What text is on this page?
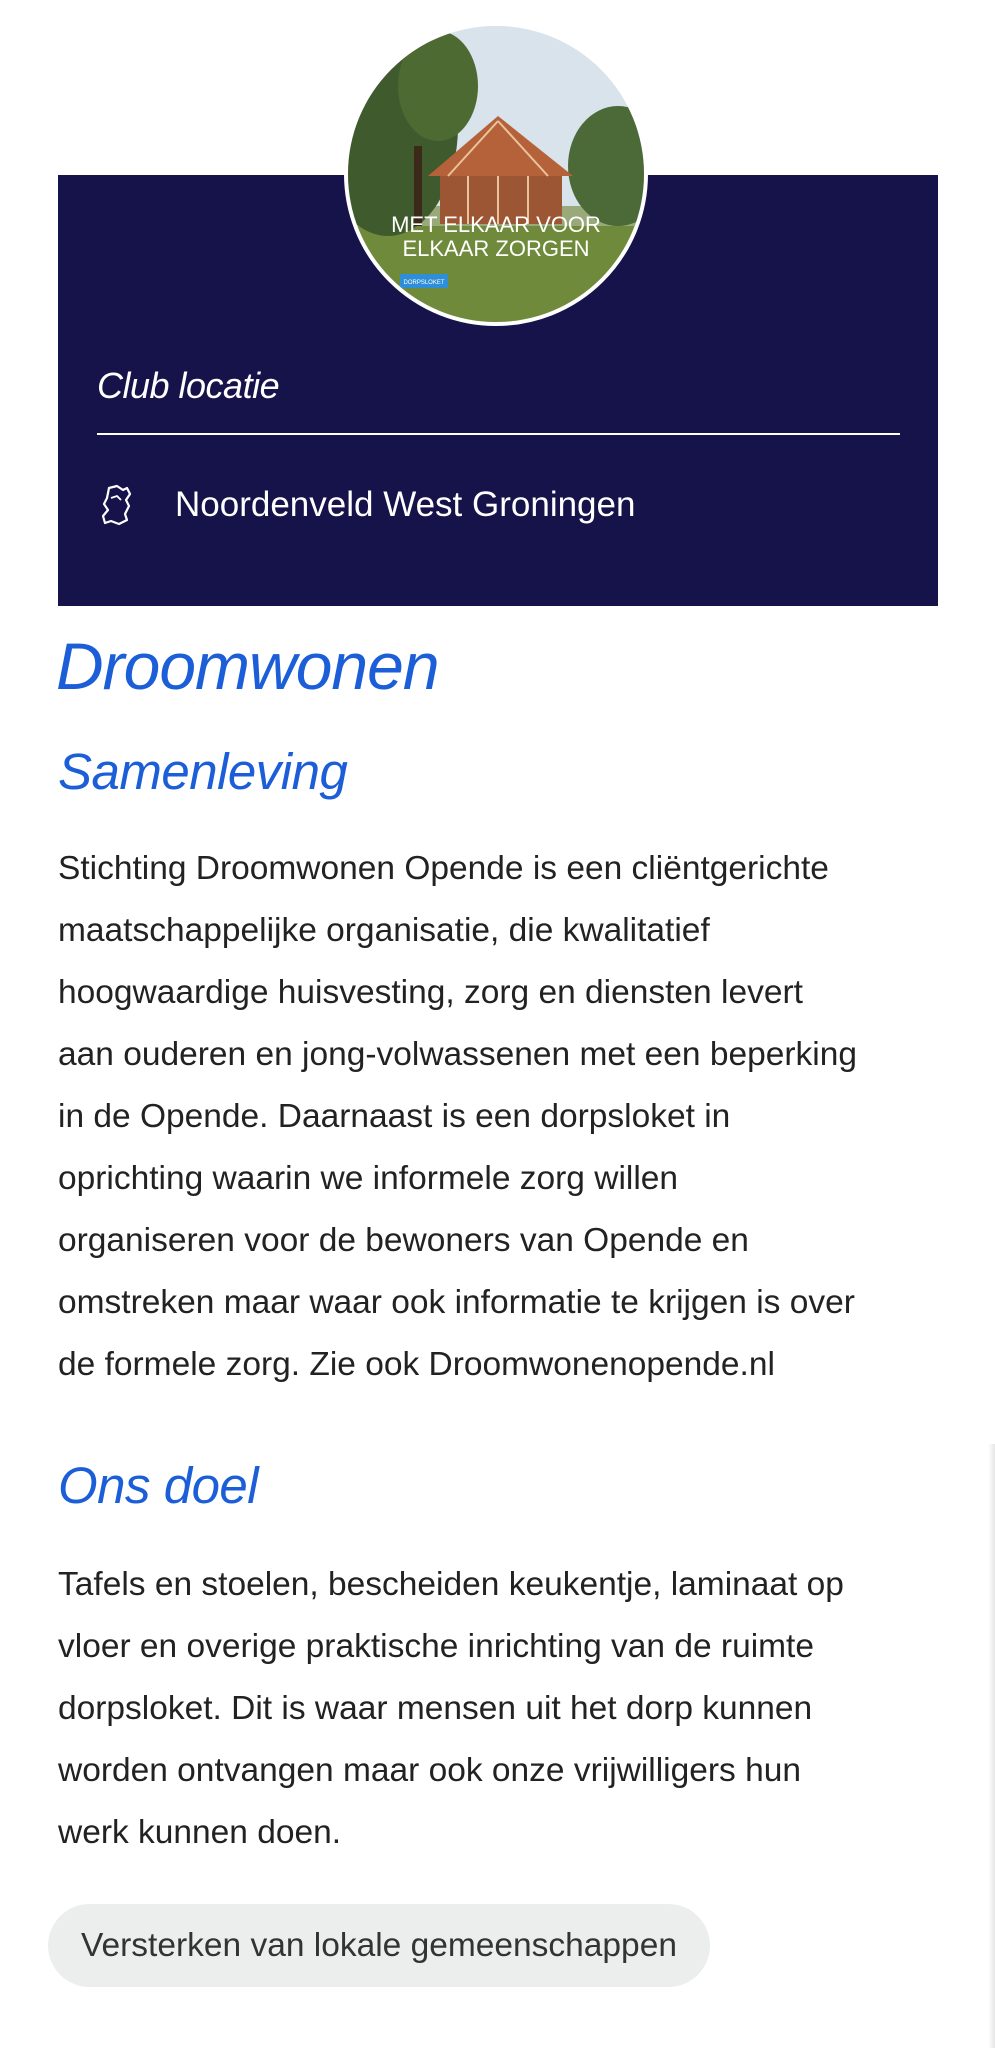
MET ELKAAR VOOR
ELKAAR ZORGEN
DORPSLOKET
Club locatie
Noordenveld West Groningen
Droomwonen
Samenleving
Stichting Droomwonen Opende is een cliëntgerichte
maatschappelijke organisatie, die kwalitatief
hoogwaardige huisvesting, zorg en diensten levert
aan ouderen en jong-volwassenen met een beperking
in de Opende. Daarnaast is een dorpsloket in
oprichting waarin we informele zorg willen
organiseren voor de bewoners van Opende en
omstreken maar waar ook informatie te krijgen is over
de formele zorg. Zie ook Droomwonenopende.nl
Ons doel
Tafels en stoelen, bescheiden keukentje, laminaat op
vloer en overige praktische inrichting van de ruimte
dorpsloket. Dit is waar mensen uit het dorp kunnen
worden ontvangen maar ook onze vrijwilligers hun
werk kunnen doen.
Versterken van lokale gemeenschappen
